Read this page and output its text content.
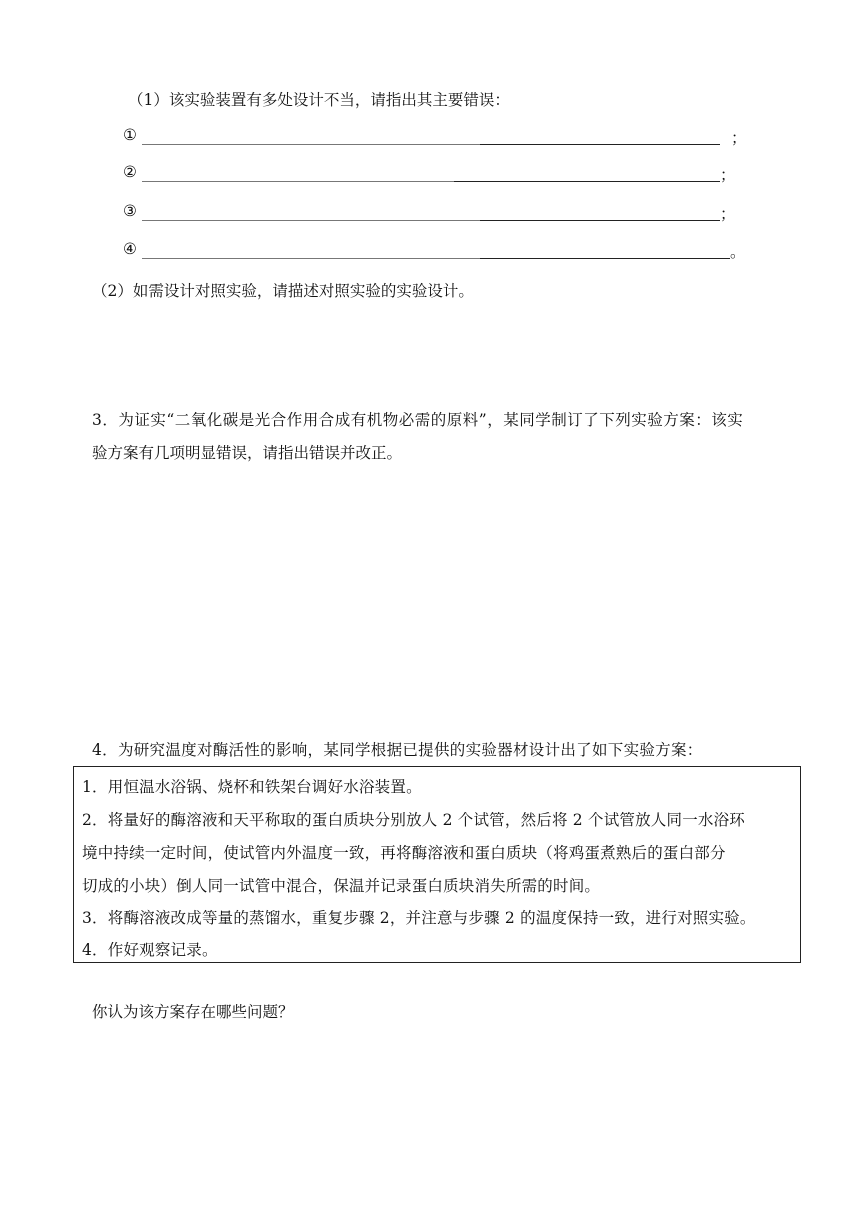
（1）该实验装置有多处设计不当，请指出其主要错误：
①	；
②	；
③	；
④	。
（2）如需设计对照实验，请描述对照实验的实验设计。
3．为证实“二氧化碳是光合作用合成有机物必需的原料”，某同学制订了下列实验方案：该实
验方案有几项明显错误，请指出错误并改正。
4．为研究温度对酶活性的影响，某同学根据已提供的实验器材设计出了如下实验方案：
1．用恒温水浴锅、烧杯和铁架台调好水浴装置。
2．将量好的酶溶液和天平称取的蛋白质块分别放人 2 个试管，然后将 2 个试管放人同一水浴环
境中持续一定时间，使试管内外温度一致，再将酶溶液和蛋白质块（将鸡蛋煮熟后的蛋白部分
切成的小块）倒人同一试管中混合，保温并记录蛋白质块消失所需的时间。
3．将酶溶液改成等量的蒸馏水，重复步骤 2，并注意与步骤 2 的温度保持一致，进行对照实验。
4．作好观察记录。
你认为该方案存在哪些问题？
